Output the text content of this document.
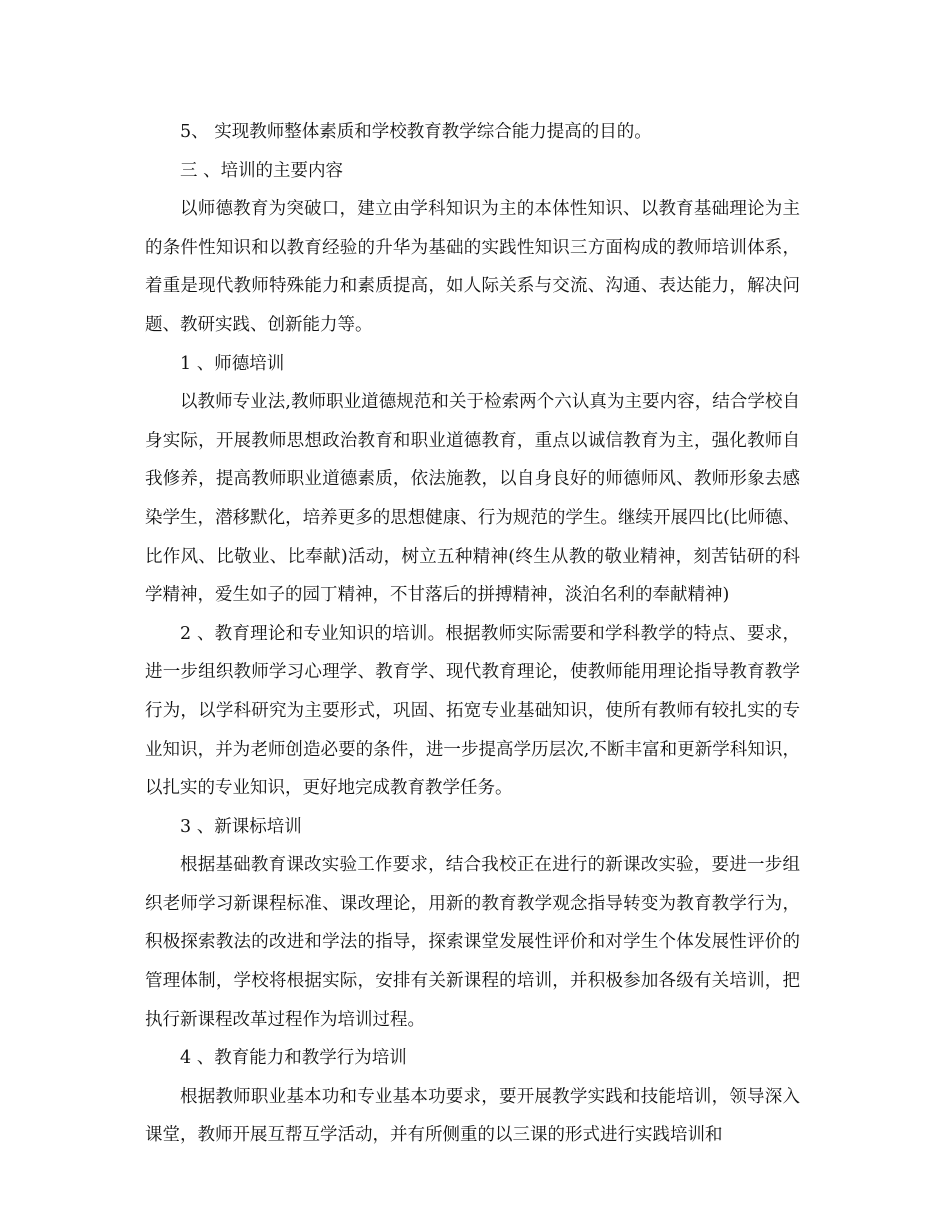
5、 实现教师整体素质和学校教育教学综合能力提高的目的。

三 、培训的主要内容

以师德教育为突破口，建立由学科知识为主的本体性知识、以教育基础理论为主的条件性知识和以教育经验的升华为基础的实践性知识三方面构成的教师培训体系，着重是现代教师特殊能力和素质提高，如人际关系与交流、沟通、表达能力，解决问题、教研实践、创新能力等。

1 、师德培训

以教师专业法,教师职业道德规范和关于检索两个六认真为主要内容，结合学校自身实际，开展教师思想政治教育和职业道德教育，重点以诚信教育为主，强化教师自我修养，提高教师职业道德素质，依法施教，以自身良好的师德师风、教师形象去感染学生，潜移默化，培养更多的思想健康、行为规范的学生。继续开展四比(比师德、比作风、比敬业、比奉献)活动，树立五种精神(终生从教的敬业精神，刻苦钻研的科学精神，爱生如子的园丁精神，不甘落后的拼搏精神，淡泊名利的奉献精神)

2 、教育理论和专业知识的培训。根据教师实际需要和学科教学的特点、要求，进一步组织教师学习心理学、教育学、现代教育理论，使教师能用理论指导教育教学行为，以学科研究为主要形式，巩固、拓宽专业基础知识，使所有教师有较扎实的专业知识，并为老师创造必要的条件，进一步提高学历层次,不断丰富和更新学科知识，以扎实的专业知识，更好地完成教育教学任务。

3 、新课标培训

根据基础教育课改实验工作要求，结合我校正在进行的新课改实验，要进一步组织老师学习新课程标准、课改理论，用新的教育教学观念指导转变为教育教学行为，积极探索教法的改进和学法的指导，探索课堂发展性评价和对学生个体发展性评价的管理体制，学校将根据实际，安排有关新课程的培训，并积极参加各级有关培训，把执行新课程改革过程作为培训过程。

4 、教育能力和教学行为培训

根据教师职业基本功和专业基本功要求，要开展教学实践和技能培训，领导深入课堂，教师开展互帮互学活动，并有所侧重的以三课的形式进行实践培训和
